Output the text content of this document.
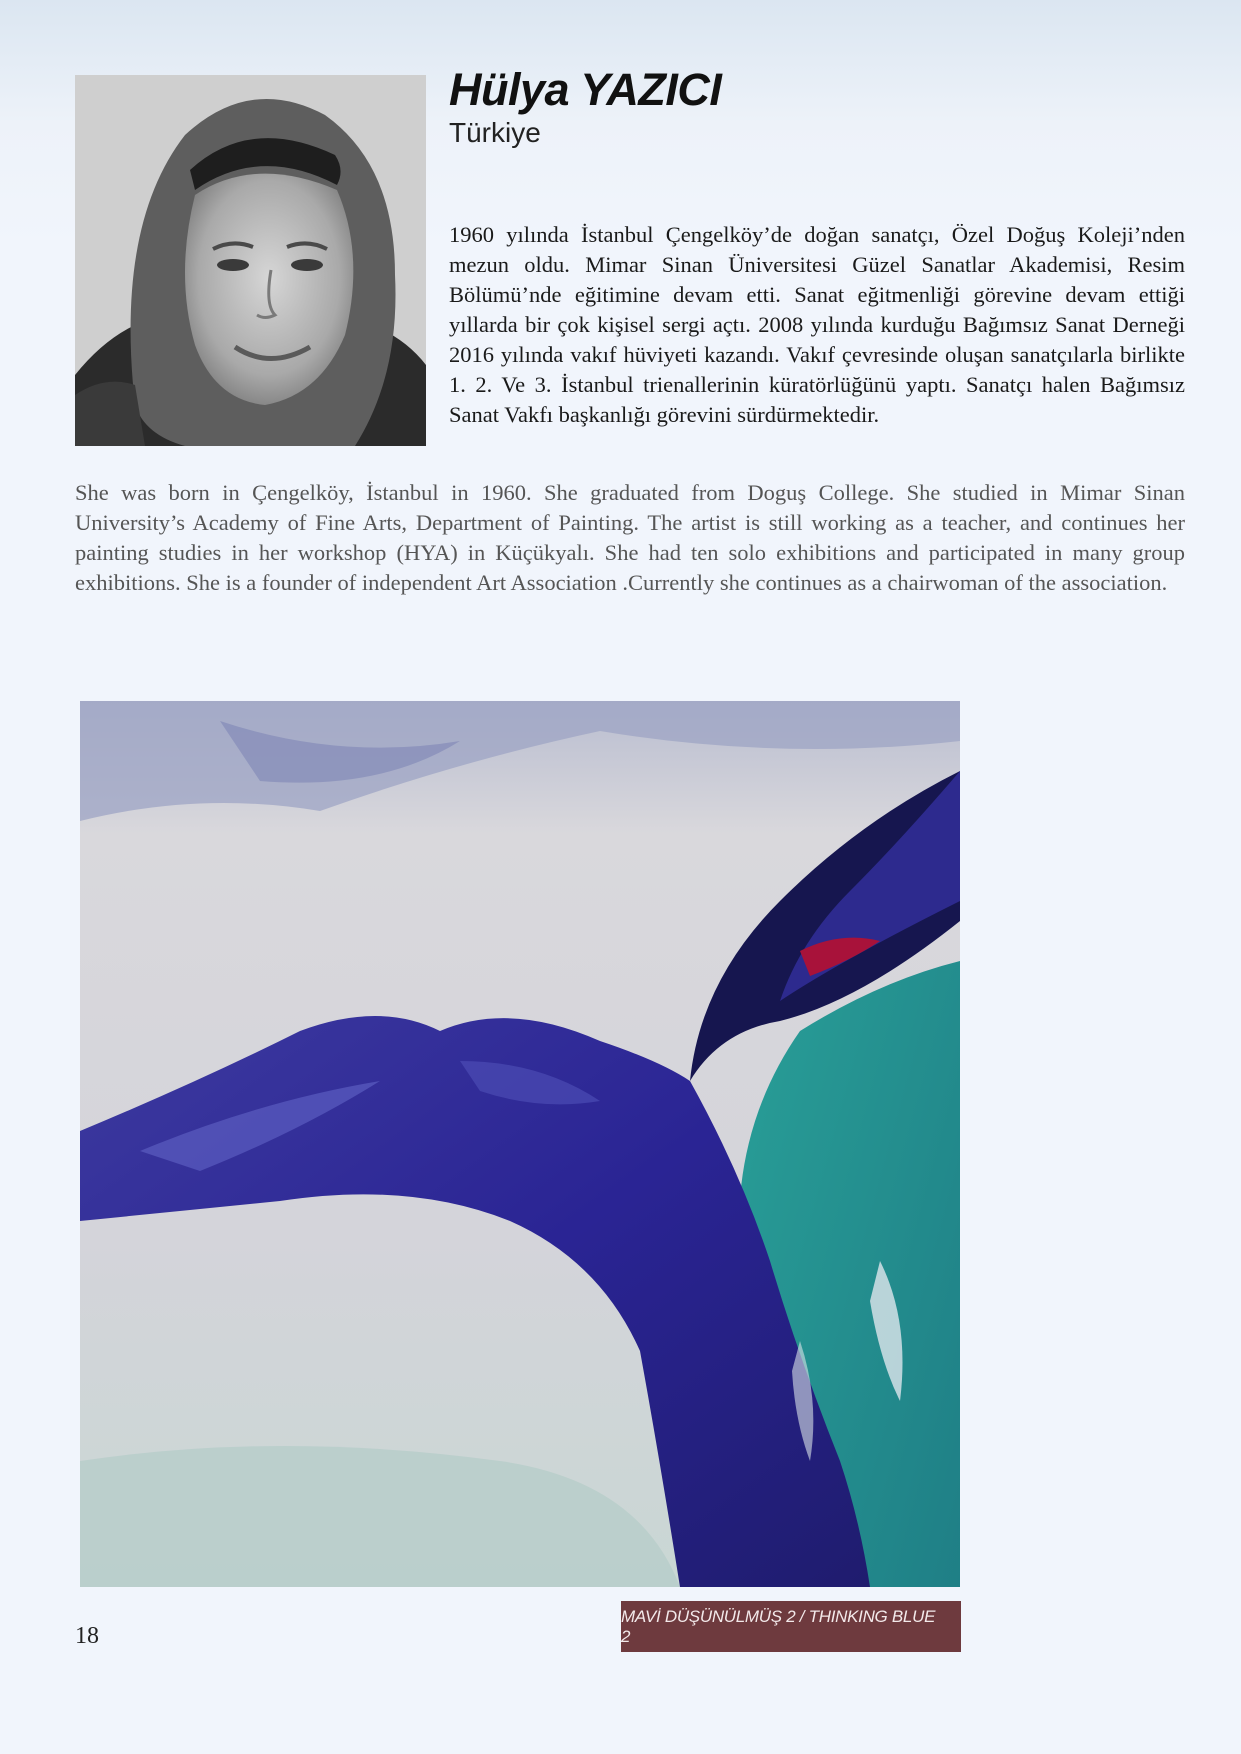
Hülya YAZICI

Türkiye

1960 yılında İstanbul Çengelköy’de doğan sanatçı, Özel Doğuş Koleji’nden mezun oldu. Mimar Sinan Üniversitesi Güzel Sanatlar Akademisi, Resim Bölümü’nde eğitimine devam etti. Sanat eğitmenliği görevine devam ettiği yıllarda bir çok kişisel sergi açtı. 2008 yılında kurduğu Bağımsız Sanat Derneği 2016 yılında vakıf hüviyeti kazandı. Vakıf çevresinde oluşan sanatçılarla birlikte 1. 2. Ve 3. İstanbul trienallerinin küratörlüğünü yaptı. Sanatçı halen Bağımsız Sanat Vakfı başkanlığı görevini sürdürmektedir.

She was born in Çengelköy, İstanbul in 1960. She graduated from Doguş College. She studied in Mimar Sinan University’s Academy of Fine Arts, Department of Painting. The artist is still working as a teacher, and continues her painting studies in her workshop (HYA) in Küçükyalı. She had ten solo exhibitions and participated in many group exhibitions. She is a founder of independent Art Association .Currently she continues as a chairwoman of the association.

18

MAVİ DÜŞÜNÜLMÜŞ 2 / THINKING BLUE 2
